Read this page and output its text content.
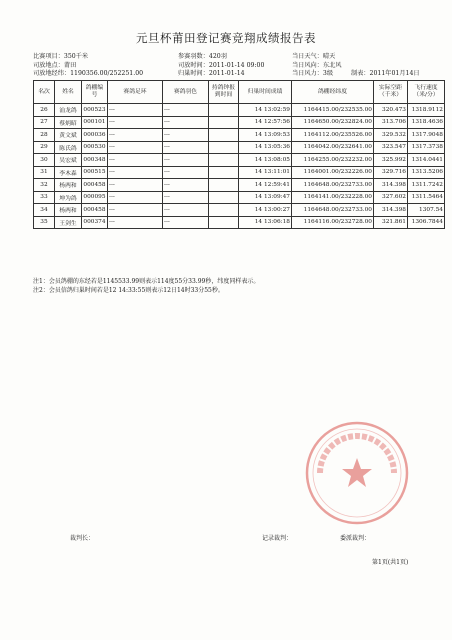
元旦杯莆田登记赛竞翔成绩报告表
比赛项目：350千米
司放地点：莆田
司放地经纬：1190356.00/252251.00
参赛羽数：420羽
司放时间：2011-01-14 09:00
归巢时间：2011-01-14
当日天气：晴天
当日风向：东北风
当日风力：3级	制表：2011年01月14日
名次	姓名	鸽棚编号	赛鸽足环	赛鸽羽色	持鸽钟报到时间	归巢时间成绩	鸽棚经纬度	实际空距（千米）	飞行速度（米/分）
26	汕龙鸽	000523	---	---		14 13:02:59	1164415.00/232535.00	320.473	1318.9112
27	蔡炳昭	000101	---	---		14 12:57:56	1164650.00/232824.00	313.706	1318.4636
28	黄文斌	000036	---	---		14 13:09:53	1164112.00/235526.00	329.532	1317.9048
29	陈氏鸽	000530	---	---		14 13:05:36	1164042.00/232641.00	323.547	1317.3738
30	吴宏斌	000348	---	---		14 13:08:05	1164255.00/232232.00	325.992	1314.0441
31	李木森	000515	---	---		14 13:11:01	1164001.00/232226.00	329.716	1313.5206
32	杨两和	000458	---	---		14 12:59:41	1164648.00/232733.00	314.398	1311.7242
33	坤为鸽	000095	---	---		14 13:09:47	1164141.00/232228.00	327.602	1311.5464
34	杨两和	000458	---	---		14 13:00:27	1164648.00/232733.00	314.398	1307.54
35	王剑生	000374	---	---		14 13:06:18	1164116.00/232728.00	321.861	1306.7844
注1：会员鸽棚的东经若是1145533.99则表示114度55分33.99秒，纬度同样表示。
注2：会员信鸽归巢时间若是12 14:33:55则表示12日14时33分55秒。
裁判长：	记录裁判：	委派裁判：
第1页(共1页)
